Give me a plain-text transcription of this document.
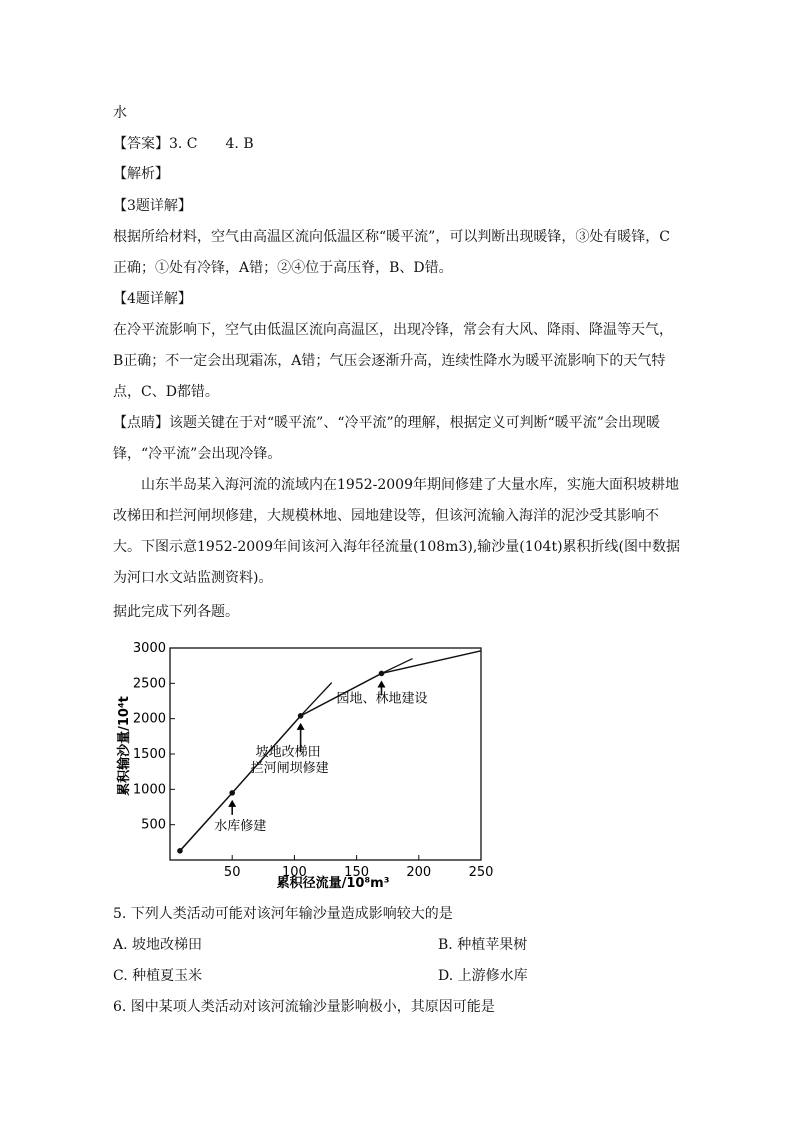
水
【答案】3. C　　4. B
【解析】
【3题详解】
根据所给材料，空气由高温区流向低温区称“暖平流”，可以判断出现暖锋，③处有暖锋，C正确；①处有冷锋，A错；②④位于高压脊，B、D错。
【4题详解】
在冷平流影响下，空气由低温区流向高温区，出现冷锋，常会有大风、降雨、降温等天气，B正确；不一定会出现霜冻，A错；气压会逐渐升高，连续性降水为暖平流影响下的天气特点，C、D都错。
【点睛】该题关键在于对“暖平流”、“冷平流”的理解，根据定义可判断“暖平流”会出现暖锋，“冷平流”会出现冷锋。
　　山东半岛某入海河流的流域内在1952-2009年期间修建了大量水库，实施大面积坡耕地改梯田和拦河闸坝修建，大规模林地、园地建设等，但该河流输入海洋的泥沙受其影响不大。下图示意1952-2009年间该河入海年径流量(108m3),输沙量(104t)累积折线(图中数据为河口水文站监测资料)。
据此完成下列各题。
累积输沙量/10⁴t
累积径流量/10⁸m³
500
1000
1500
2000
2500
3000
50	100	150	200	250
水库修建
坡地改梯田
拦河闸坝修建
园地、林地建设
5. 下列人类活动可能对该河年输沙量造成影响较大的是
A. 坡地改梯田	B. 种植苹果树
C. 种植夏玉米	D. 上游修水库
6. 图中某项人类活动对该河流输沙量影响极小，其原因可能是
